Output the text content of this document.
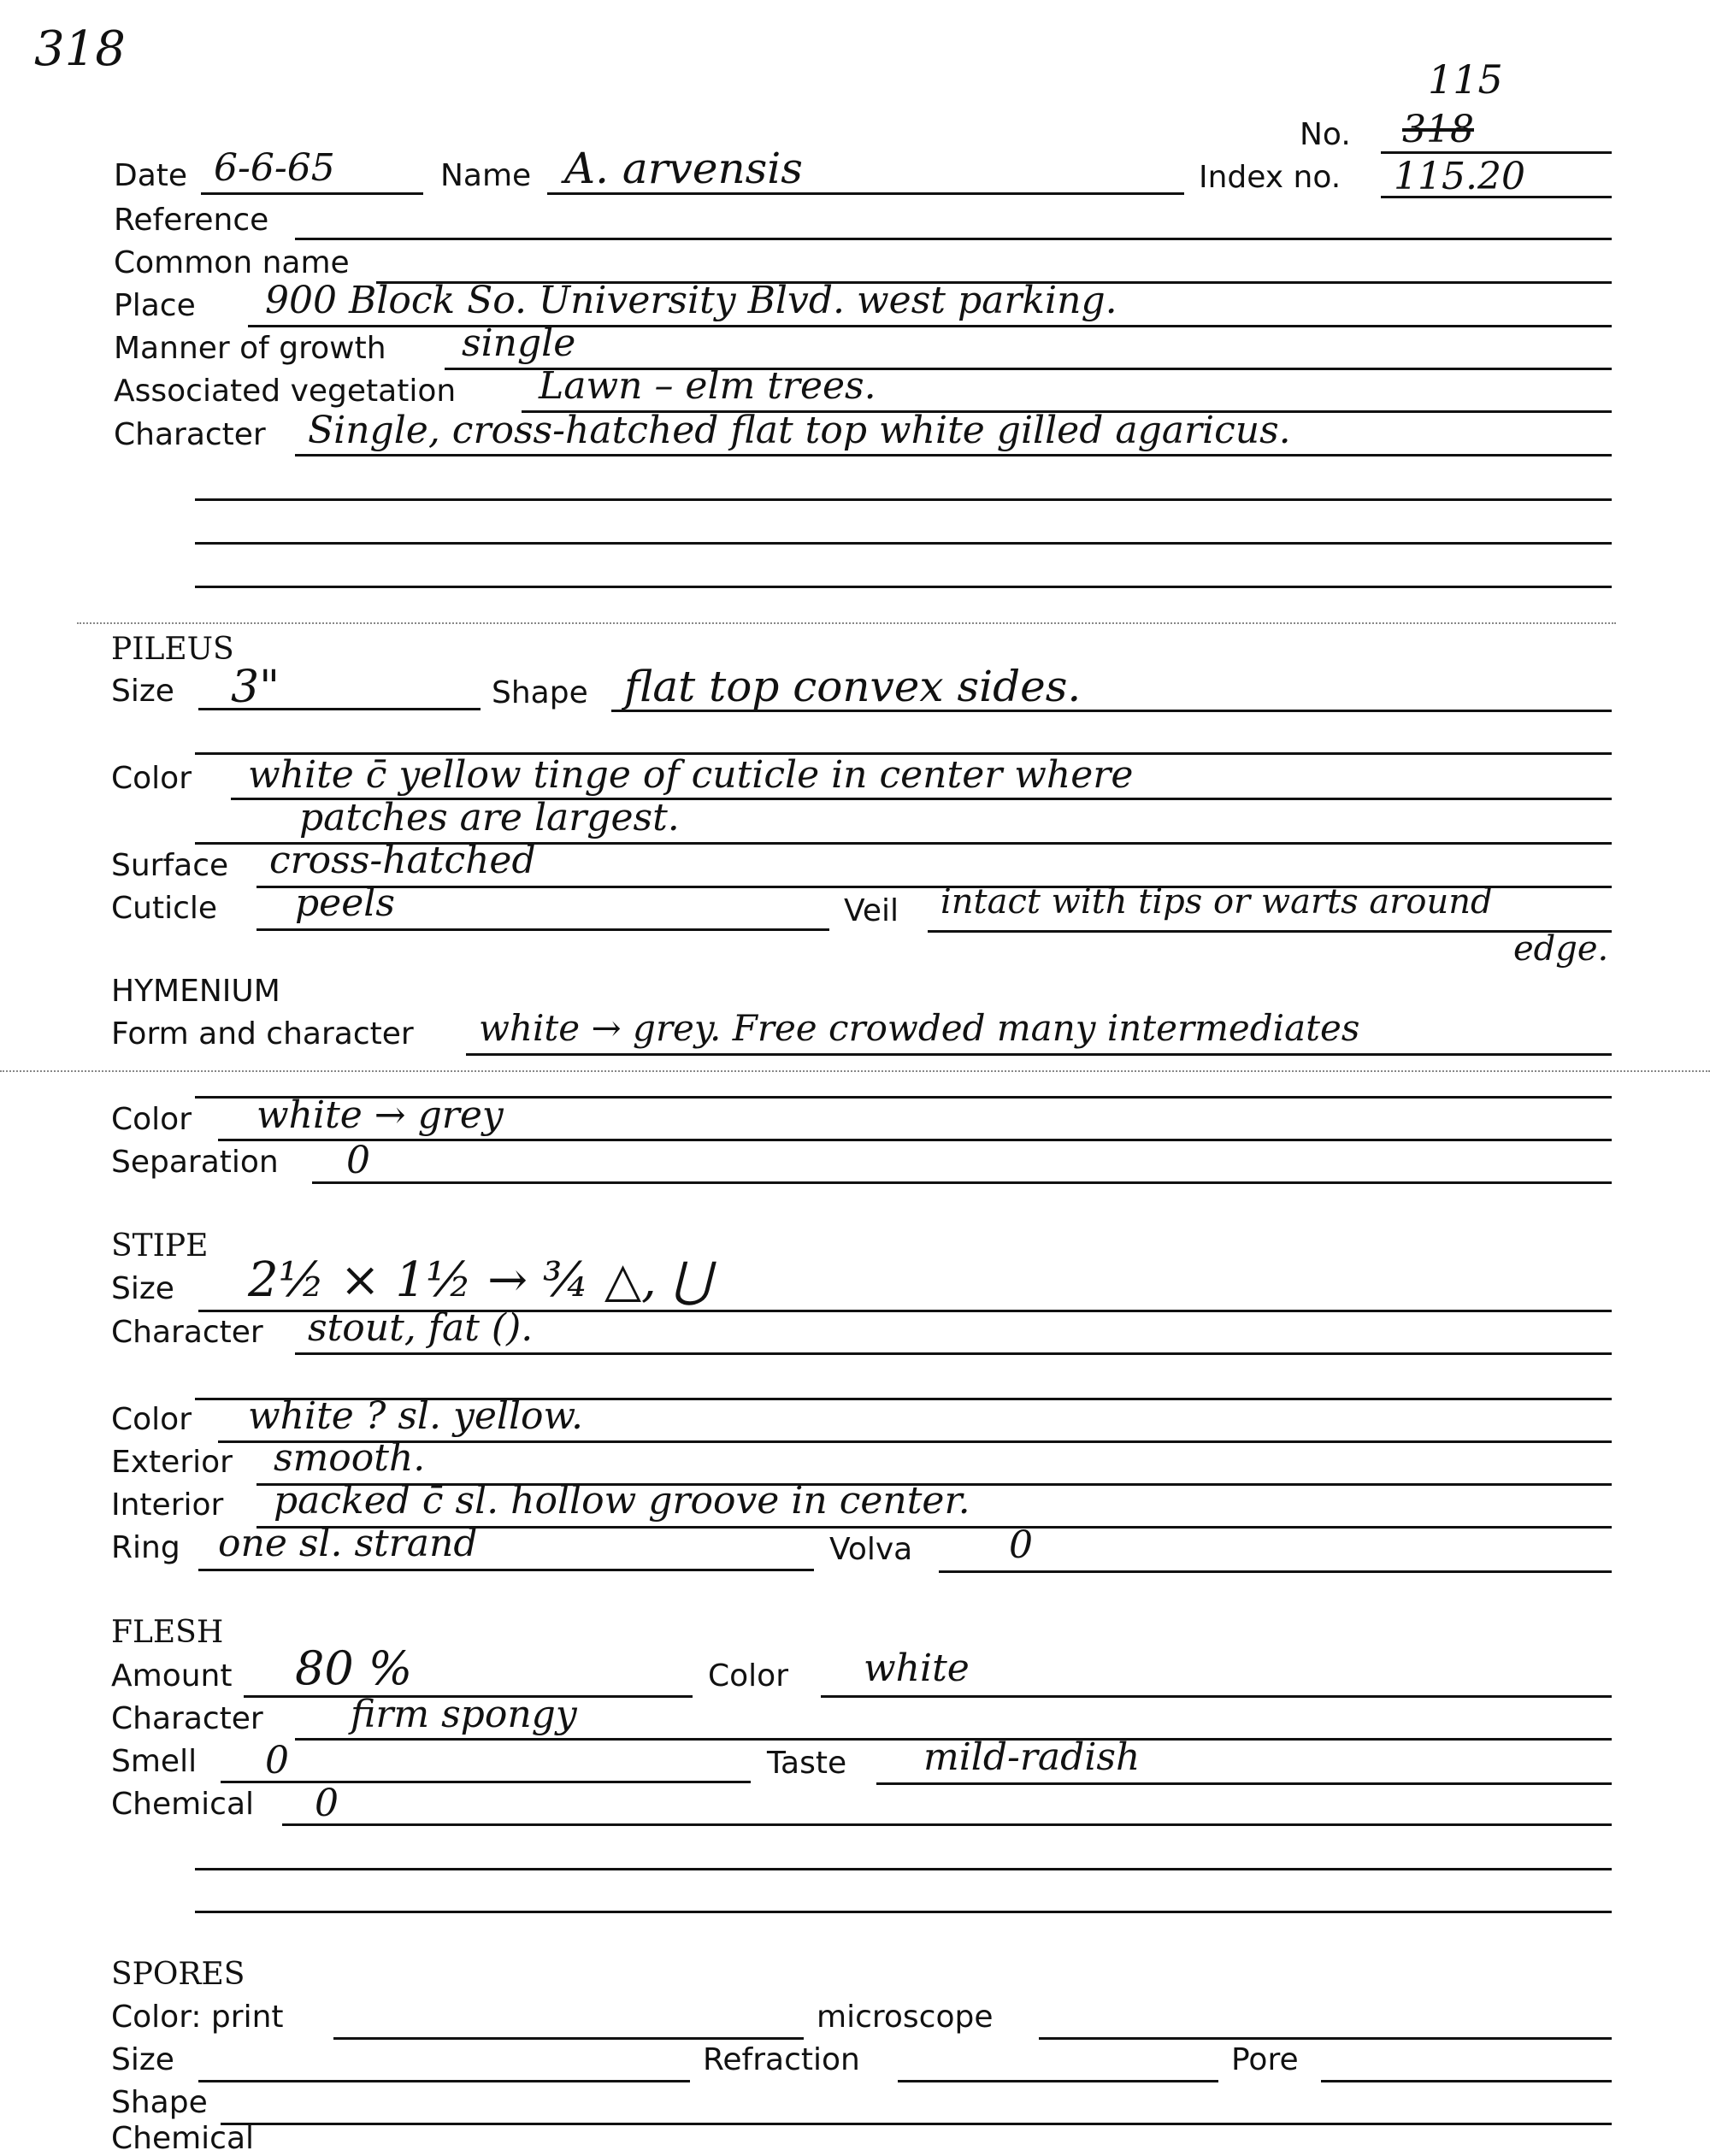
318
115
No. 318
Date 6-6-65	Name A. arvensis	Index no. 115.20
Reference
Common name
Place 900 Block So. University Blvd. west parking.
Manner of growth single
Associated vegetation Lawn – elm trees.
Character Single, cross-hatched flat top white gilled agaricus.
PILEUS
Size 3"	Shape flat top convex sides.
Color white c̄ yellow tinge of cuticle in center where
patches are largest.
Surface cross-hatched
Cuticle peels	Veil intact with tips or warts around
edge.
HYMENIUM
Form and character white → grey. Free crowded many intermediates
Color white → grey
Separation 0
STIPE
Size 2½ × 1½ → ¾ △, ⋃
Character stout, fat ().
Color white ? sl. yellow.
Exterior smooth.
Interior packed c̄ sl. hollow groove in center.
Ring one sl. strand	Volva	0
FLESH
Amount 80 %	Color white
Character firm spongy
Smell 0	Taste mild-radish
Chemical 0
SPORES
Color: print	microscope
Size	Refraction	Pore
Shape
Chemical
